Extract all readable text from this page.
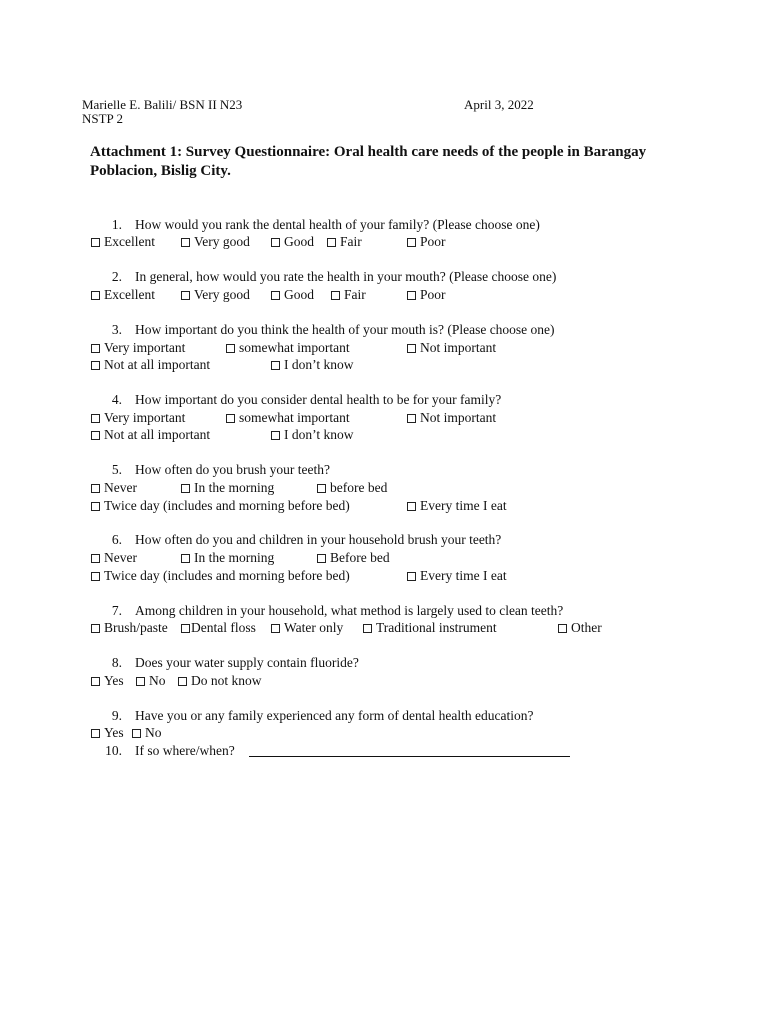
Marielle E. Balili/ BSN II N23
NSTP 2
April 3, 2022
Attachment 1: Survey Questionnaire: Oral health care needs of the people in Barangay Poblacion, Bislig City.
1. How would you rank the dental health of your family? (Please choose one)
Excellent	Very good	Good Fair	Poor
2. In general, how would you rate the health in your mouth? (Please choose one)
Excellent	Very good	Good Fair	Poor
3. How important do you think the health of your mouth is? (Please choose one)
Very important	somewhat important	Not important
Not at all important	I don’t know
4. How important do you consider dental health to be for your family?
Very important	somewhat important	Not important
Not at all important	I don’t know
5. How often do you brush your teeth?
Never	In the morning	before bed
Twice day (includes and morning before bed)	Every time I eat
6. How often do you and children in your household brush your teeth?
Never	In the morning	Before bed
Twice day (includes and morning before bed)	Every time I eat
7. Among children in your household, what method is largely used to clean teeth?
Brush/paste Dental floss Water only Traditional instrument	Other
8. Does your water supply contain fluoride?
Yes No Do not know
9. Have you or any family experienced any form of dental health education?
Yes No
10. If so where/when?
